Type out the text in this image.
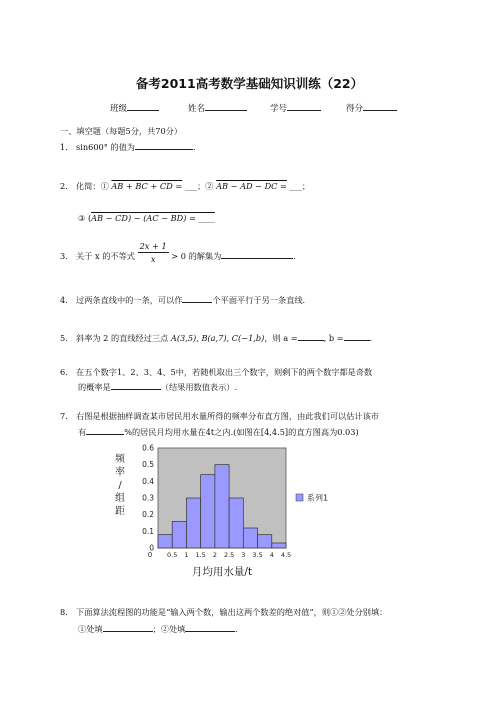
备考2011高考数学基础知识训练（22）
班级	姓名	学号	得分
一、填空题（每题5分，共70分）
1． sin600° 的值为	.
2． 化简：① AB + BC + CD = ___；② AB − AD − DC = ___；
③ (AB − CD) − (AC − BD) = ____
3． 关于 x 的不等式 $\frac{2x + 1}{x} > 0$ 的解集为	.
4． 过两条直线中的一条，可以作	个平面平行于另一条直线.
5． 斜率为 2 的直线经过三点 A(3,5), B(a,7), C(−1,b)，则 a =	, b =	.
6． 在五个数字1、2、3、4、5中，若随机取出三个数字，则剩下的两个数字都是奇数
的概率是	（结果用数值表示）.
7． 右图是根据抽样调查某市居民用水量所得的频率分布直方图，由此我们可以估计该市
有	%的居民月均用水量在4t之内.(如图在[4,4.5]的直方图高为0.03)
0
0.1
0.2
0.3
0.4
0.5
0.6
0.5 1 1.5 2 2.5 3 3.5 4 4.5
0
频
率
/
组
距
月均用水量/t
系列1
8． 下面算法流程图的功能是“输入两个数，输出这两个数差的绝对值”，则①②处分别填：
①处填	；②处填	.
